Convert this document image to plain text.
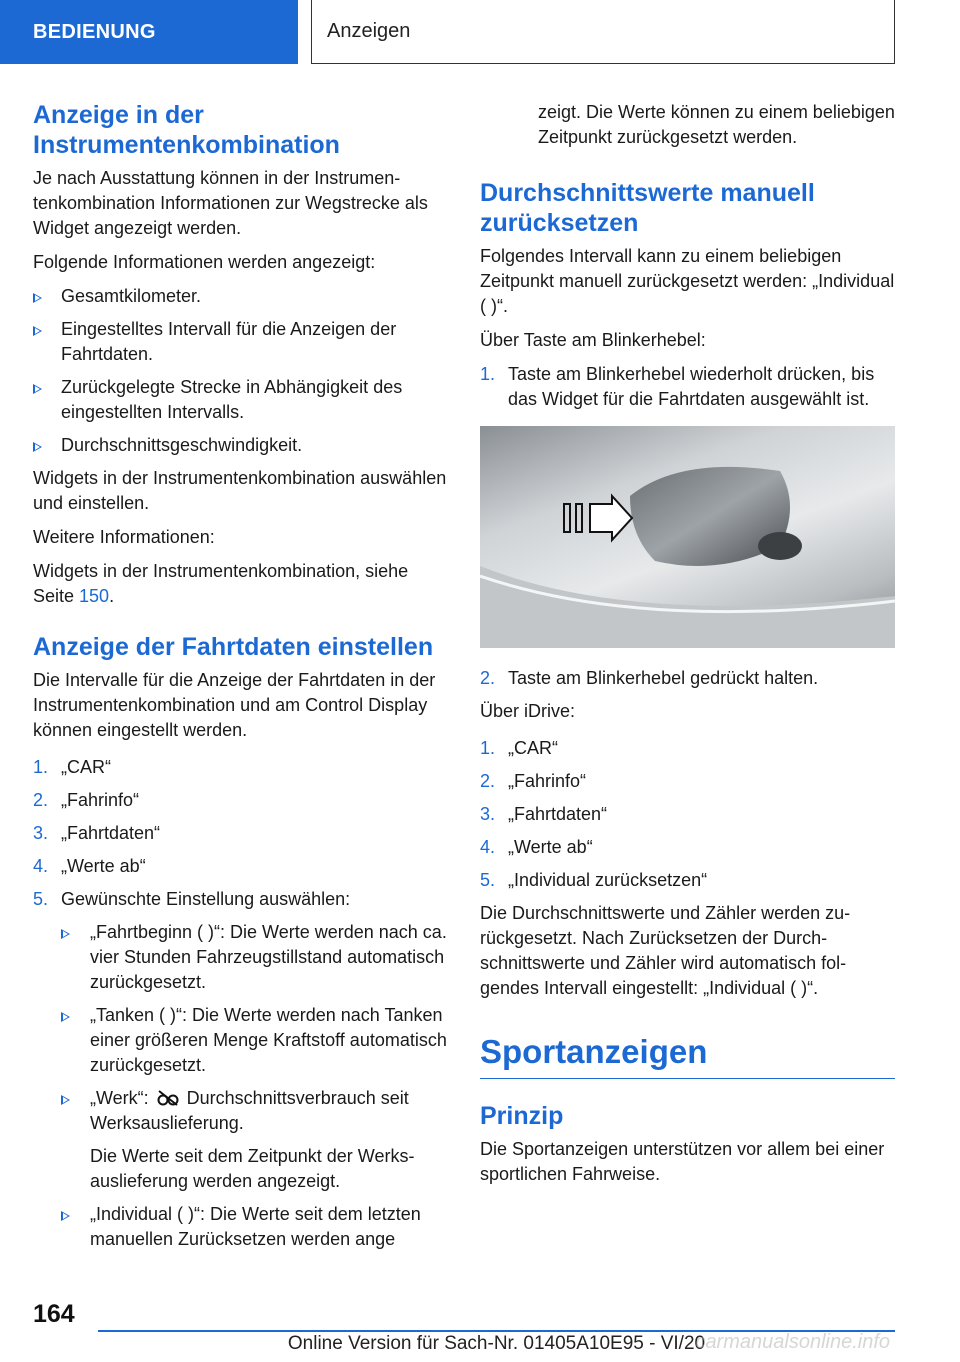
BEDIENUNG	Anzeigen
Anzeige in der Instrumentenkombination

Je nach Ausstattung können in der Instrumentenkombination Informationen zur Wegstrecke als Widget angezeigt werden.

Folgende Informationen werden angezeigt:

Gesamtkilometer.
Eingestelltes Intervall für die Anzeigen der Fahrtdaten.
Zurückgelegte Strecke in Abhängigkeit des eingestellten Intervalls.
Durchschnittsgeschwindigkeit.

Widgets in der Instrumentenkombination auswählen und einstellen.

Weitere Informationen:

Widgets in der Instrumentenkombination, siehe Seite 150.

Anzeige der Fahrtdaten einstellen

Die Intervalle für die Anzeige der Fahrtdaten in der Instrumentenkombination und am Control Display können eingestellt werden.

1. „CAR“
2. „Fahrinfo“
3. „Fahrtdaten“
4. „Werte ab“
5. Gewünschte Einstellung auswählen:
„Fahrtbeginn ( )“: Die Werte werden nach ca. vier Stunden Fahrzeugstillstand automatisch zurückgesetzt.
„Tanken ( )“: Die Werte werden nach Tanken einer größeren Menge Kraftstoff automatisch zurückgesetzt.
„Werk“: Durchschnittsverbrauch seit Werksauslieferung.

Die Werte seit dem Zeitpunkt der Werksauslieferung werden angezeigt.

„Individual ( )“: Die Werte seit dem letzten manuellen Zurücksetzen werden ange

zeigt. Die Werte können zu einem beliebigen Zeitpunkt zurückgesetzt werden.

Durchschnittswerte manuell zurücksetzen

Folgendes Intervall kann zu einem beliebigen Zeitpunkt manuell zurückgesetzt werden: „Individual ( )“.

Über Taste am Blinkerhebel:

1. Taste am Blinkerhebel wiederholt drücken, bis das Widget für die Fahrtdaten ausgewählt ist.
2. Taste am Blinkerhebel gedrückt halten.

Über iDrive:

1. „CAR“
2. „Fahrinfo“
3. „Fahrtdaten“
4. „Werte ab“
5. „Individual zurücksetzen“

Die Durchschnittswerte und Zähler werden zurückgesetzt. Nach Zurücksetzen der Durchschnittswerte und Zähler wird automatisch folgendes Intervall eingestellt: „Individual ( )“.

Sportanzeigen
Prinzip

Die Sportanzeigen unterstützen vor allem bei einer sportlichen Fahrweise.

164
Online Version für Sach-Nr. 01405A10E95 - VI/20
carmanualsonline.info
